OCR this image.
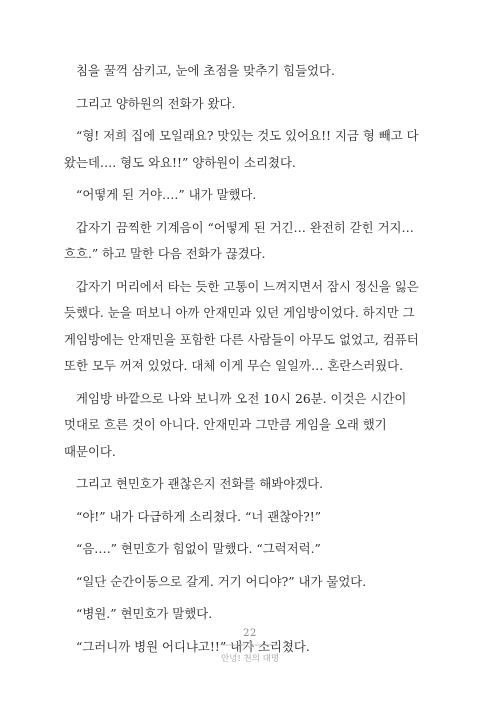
침을 꿀꺽 삼키고, 눈에 초점을 맞추기 힘들었다.

그리고 양하원의 전화가 왔다.

“형! 저희 집에 모일래요? 맛있는 것도 있어요!! 지금 형 빼고 다 왔는데…. 형도 와요!!” 양하원이 소리쳤다.

“어떻게 된 거야….” 내가 말했다.

갑자기 끔찍한 기계음이 “어떻게 된 거긴… 완전히 갇힌 거지… 흐흐.” 하고 말한 다음 전화가 끊겼다.

갑자기 머리에서 타는 듯한 고통이 느껴지면서 잠시 정신을 잃은 듯했다. 눈을 떠보니 아까 안재민과 있던 게임방이었다. 하지만 그 게임방에는 안재민을 포함한 다른 사람들이 아무도 없었고, 컴퓨터 또한 모두 꺼져 있었다. 대체 이게 무슨 일일까… 혼란스러웠다.

게임방 바깥으로 나와 보니까 오전 10시 26분. 이것은 시간이 멋대로 흐른 것이 아니다. 안재민과 그만큼 게임을 오래 했기 때문이다.

그리고 현민호가 괜찮은지 전화를 해봐야겠다.

“야!” 내가 다급하게 소리쳤다. “너 괜찮아?!”

“음….” 현민호가 힘없이 말했다. “그럭저럭.”

“일단 순간이동으로 갈게. 거기 어디야?” 내가 물었다.

“병원.” 현민호가 말했다.

“그러니까 병원 어디냐고!!” 내가 소리쳤다.

22
안녕! 천의 대명
